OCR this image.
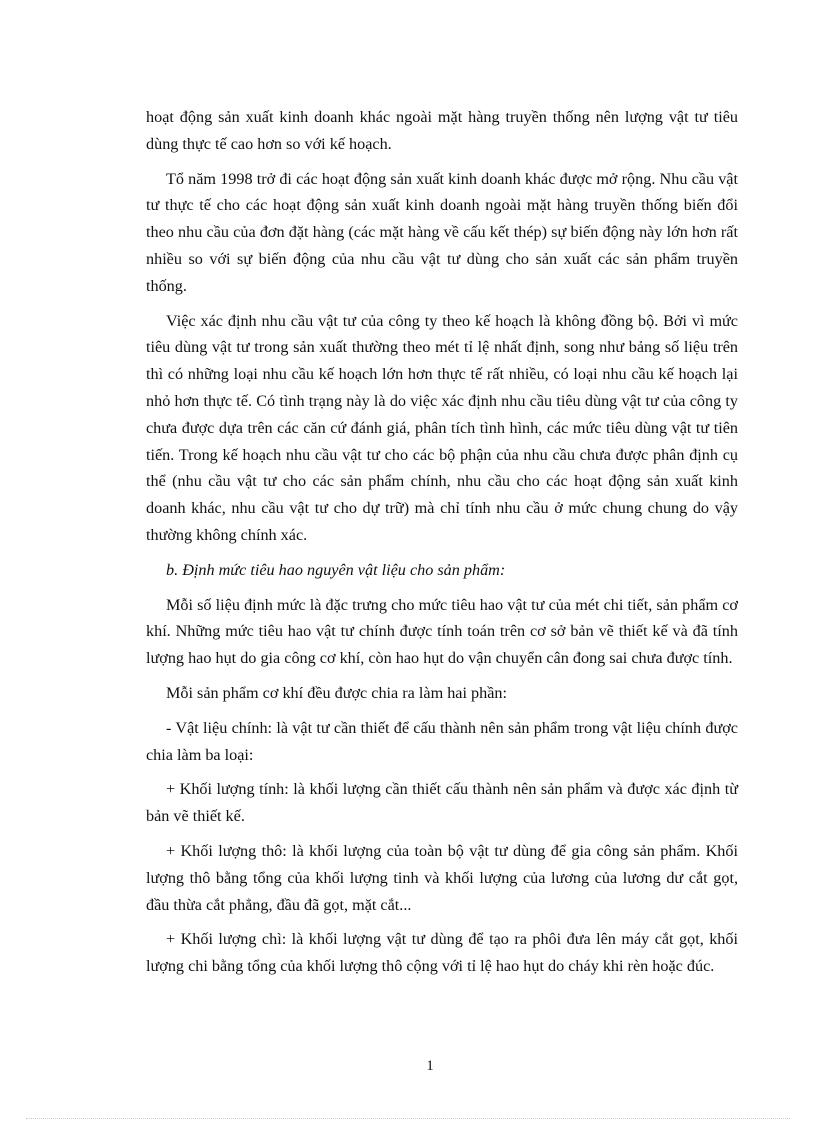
hoạt động sản xuất kinh doanh khác ngoài mặt hàng truyền thống nên lượng vật tư tiêu dùng thực tế cao hơn so với kế hoạch.

Tổ năm 1998 trở đi các hoạt động sản xuất kinh doanh khác được mở rộng. Nhu cầu vật tư thực tế cho các hoạt động sản xuất kinh doanh ngoài mặt hàng truyền thống biến đổi theo nhu cầu của đơn đặt hàng (các mặt hàng về cấu kết thép) sự biến động này lớn hơn rất nhiều so với sự biến động của nhu cầu vật tư dùng cho sản xuất các sản phẩm truyền thống.

Việc xác định nhu cầu vật tư của công ty theo kế hoạch là không đồng bộ. Bởi vì mức tiêu dùng vật tư trong sản xuất thường theo mét tỉ lệ nhất định, song như bảng số liệu trên thì có những loại nhu cầu kế hoạch lớn hơn thực tế rất nhiều, có loại nhu cầu kế hoạch lại nhỏ hơn thực tế. Có tình trạng này là do việc xác định nhu cầu tiêu dùng vật tư của công ty chưa được dựa trên các căn cứ đánh giá, phân tích tình hình, các mức tiêu dùng vật tư tiên tiến. Trong kế hoạch nhu cầu vật tư cho các bộ phận của nhu cầu chưa được phân định cụ thể (nhu cầu vật tư cho các sản phẩm chính, nhu cầu cho các hoạt động sản xuất kinh doanh khác, nhu cầu vật tư cho dự trữ) mà chỉ tính nhu cầu ở mức chung chung do vậy thường không chính xác.

b. Định mức tiêu hao nguyên vật liệu cho sản phẩm:

Mỗi số liệu định mức là đặc trưng cho mức tiêu hao vật tư của mét chi tiết, sản phẩm cơ khí. Những mức tiêu hao vật tư chính được tính toán trên cơ sở bản vẽ thiết kế và đã tính lượng hao hụt do gia công cơ khí, còn hao hụt do vận chuyển cân đong sai chưa được tính.

Mỗi sản phẩm cơ khí đều được chia ra làm hai phần:

- Vật liệu chính: là vật tư cần thiết để cấu thành nên sản phẩm trong vật liệu chính được chia làm ba loại:

+ Khối lượng tính: là khối lượng cần thiết cấu thành nên sản phẩm và được xác định từ bản vẽ thiết kế.

+ Khối lượng thô: là khối lượng của toàn bộ vật tư dùng để gia công sản phẩm. Khối lượng thô bằng tổng của khối lượng tinh và khối lượng của lương của lương dư cắt gọt, đầu thừa cắt phẳng, đầu đã gọt, mặt cắt...

+ Khối lượng chì: là khối lượng vật tư dùng để tạo ra phôi đưa lên máy cắt gọt, khối lượng chi bằng tổng của khối lượng thô cộng với tỉ lệ hao hụt do cháy khi rèn hoặc đúc.

1
